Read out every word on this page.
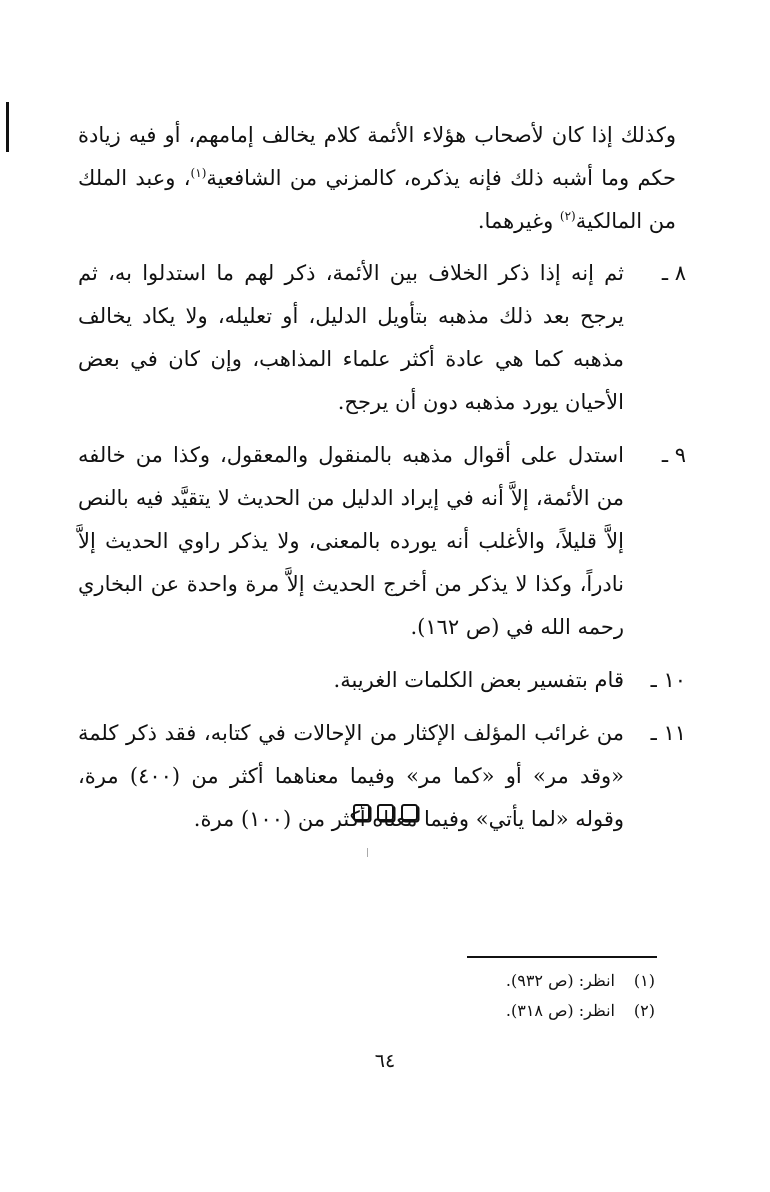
وكذلك إذا كان لأصحاب هؤلاء الأئمة كلام يخالف إمامهم، أو فيه زيادة حكم وما أشبه ذلك فإنه يذكره، كالمزني من الشافعية$^{(١)}$، وعبد الملك من المالكية$^{(٢)}$ وغيرهما.

٨ ـ
ثم إنه إذا ذكر الخلاف بين الأئمة، ذكر لهم ما استدلوا به، ثم يرجح بعد ذلك مذهبه بتأويل الدليل، أو تعليله، ولا يكاد يخالف مذهبه كما هي عادة أكثر علماء المذاهب، وإن كان في بعض الأحيان يورد مذهبه دون أن يرجح.
٩ ـ
استدل على أقوال مذهبه بالمنقول والمعقول، وكذا من خالفه من الأئمة، إلاَّ أنه في إيراد الدليل من الحديث لا يتقيَّد فيه بالنص إلاَّ قليلاً، والأغلب أنه يورده بالمعنى، ولا يذكر راوي الحديث إلاَّ نادراً، وكذا لا يذكر من أخرج الحديث إلاَّ مرة واحدة عن البخاري رحمه الله في (ص ١٦٢).
١٠ ـ
قام بتفسير بعض الكلمات الغريبة.
١١ ـ
من غرائب المؤلف الإكثار من الإحالات في كتابه، فقد ذكر كلمة «وقد مر» أو «كما مر» وفيما معناهما أكثر من (٤٠٠) مرة، وقوله «لما يأتي» وفيما معناه أكثر من (١٠٠) مرة.
(١)
انظر: (ص ٩٣٢).
(٢)
انظر: (ص ٣١٨).
٦٤
